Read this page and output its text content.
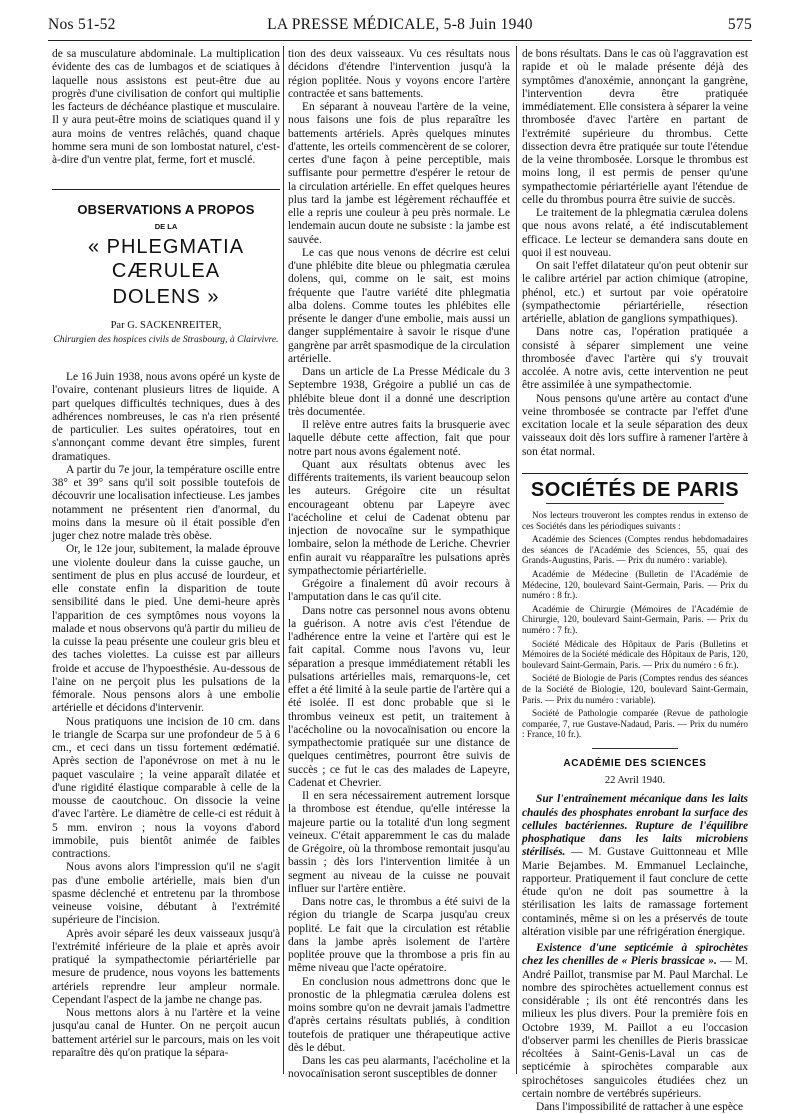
Nos 51-52	LA PRESSE MÉDICALE, 5-8 Juin 1940	575

de sa musculature abdominale. La multiplication évidente des cas de lumbagos et de sciatiques à laquelle nous assistons est peut-être due au progrès d'une civilisation de confort qui multiplie les facteurs de déchéance plastique et musculaire. Il y aura peut-être moins de sciatiques quand il y aura moins de ventres relâchés, quand chaque homme sera muni de son lombostat naturel, c'est-à-dire d'un ventre plat, ferme, fort et musclé.

OBSERVATIONS A PROPOS
DE LA
« PHLEGMATIA CÆRULEA
DOLENS »
Par G. SACKENREITER,
Chirurgien des hospices civils de Strasbourg, à Clairvivre.

Le 16 Juin 1938, nous avons opéré un kyste de l'ovaire, contenant plusieurs litres de liquide. A part quelques difficultés techniques, dues à des adhérences nombreuses, le cas n'a rien présenté de particulier. Les suites opératoires, tout en s'annonçant comme devant être simples, furent dramatiques.

A partir du 7e jour, la température oscille entre 38° et 39° sans qu'il soit possible toutefois de découvrir une localisation infectieuse. Les jambes notamment ne présentent rien d'anormal, du moins dans la mesure où il était possible d'en juger chez notre malade très obèse.

Or, le 12e jour, subitement, la malade éprouve une violente douleur dans la cuisse gauche, un sentiment de plus en plus accusé de lourdeur, et elle constate enfin la disparition de toute sensibilité dans le pied. Une demi-heure après l'apparition de ces symptômes nous voyons la malade et nous observons qu'à partir du milieu de la cuisse la peau présente une couleur gris bleu et des taches violettes. La cuisse est par ailleurs froide et accuse de l'hypoesthésie. Au-dessous de l'aine on ne perçoit plus les pulsations de la fémorale. Nous pensons alors à une embolie artérielle et décidons d'intervenir.

Nous pratiquons une incision de 10 cm. dans le triangle de Scarpa sur une profondeur de 5 à 6 cm., et ceci dans un tissu fortement œdématié. Après section de l'aponévrose on met à nu le paquet vasculaire ; la veine apparaît dilatée et d'une rigidité élastique comparable à celle de la mousse de caoutchouc. On dissocie la veine d'avec l'artère. Le diamètre de celle-ci est réduit à 5 mm. environ ; nous la voyons d'abord immobile, puis bientôt animée de faibles contractions.

Nous avons alors l'impression qu'il ne s'agit pas d'une embolie artérielle, mais bien d'un spasme déclenché et entretenu par la thrombose veineuse voisine, débutant à l'extrémité supérieure de l'incision.

Après avoir séparé les deux vaisseaux jusqu'à l'extrémité inférieure de la plaie et après avoir pratiqué la sympathectomie périartérielle par mesure de prudence, nous voyons les battements artériels reprendre leur ampleur normale. Cependant l'aspect de la jambe ne change pas.

Nous mettons alors à nu l'artère et la veine jusqu'au canal de Hunter. On ne perçoit aucun battement artériel sur le parcours, mais on les voit reparaître dès qu'on pratique la sépara-

tion des deux vaisseaux. Vu ces résultats nous décidons d'étendre l'intervention jusqu'à la région poplitée. Nous y voyons encore l'artère contractée et sans battements.

En séparant à nouveau l'artère de la veine, nous faisons une fois de plus reparaître les battements artériels. Après quelques minutes d'attente, les orteils commencèrent de se colorer, certes d'une façon à peine perceptible, mais suffisante pour permettre d'espérer le retour de la circulation artérielle. En effet quelques heures plus tard la jambe est légèrement réchauffée et elle a repris une couleur à peu près normale. Le lendemain aucun doute ne subsiste : la jambe est sauvée.

Le cas que nous venons de décrire est celui d'une phlébite dite bleue ou phlegmatia cærulea dolens, qui, comme on le sait, est moins fréquente que l'autre variété dite phlegmatia alba dolens. Comme toutes les phlébites elle présente le danger d'une embolie, mais aussi un danger supplémentaire à savoir le risque d'une gangrène par arrêt spasmodique de la circulation artérielle.

Dans un article de La Presse Médicale du 3 Septembre 1938, Grégoire a publié un cas de phlébite bleue dont il a donné une description très documentée.

Il relève entre autres faits la brusquerie avec laquelle débute cette affection, fait que pour notre part nous avons également noté.

Quant aux résultats obtenus avec les différents traitements, ils varient beaucoup selon les auteurs. Grégoire cite un résultat encourageant obtenu par Lapeyre avec l'acécholine et celui de Cadenat obtenu par injection de novocaïne sur le sympathique lombaire, selon la méthode de Leriche. Chevrier enfin aurait vu réapparaître les pulsations après sympathectomie périartérielle.

Grégoire a finalement dû avoir recours à l'amputation dans le cas qu'il cite.

Dans notre cas personnel nous avons obtenu la guérison. A notre avis c'est l'étendue de l'adhérence entre la veine et l'artère qui est le fait capital. Comme nous l'avons vu, leur séparation a presque immédiatement rétabli les pulsations artérielles mais, remarquons-le, cet effet a été limité à la seule partie de l'artère qui a été isolée. Il est donc probable que si le thrombus veineux est petit, un traitement à l'acécholine ou la novocaïnisation ou encore la sympathectomie pratiquée sur une distance de quelques centimètres, pourront être suivis de succès ; ce fut le cas des malades de Lapeyre, Cadenat et Chevrier.

Il en sera nécessairement autrement lorsque la thrombose est étendue, qu'elle intéresse la majeure partie ou la totalité d'un long segment veineux. C'était apparemment le cas du malade de Grégoire, où la thrombose remontait jusqu'au bassin ; dès lors l'intervention limitée à un segment au niveau de la cuisse ne pouvait influer sur l'artère entière.

Dans notre cas, le thrombus a été suivi de la région du triangle de Scarpa jusqu'au creux poplité. Le fait que la circulation est rétablie dans la jambe après isolement de l'artère poplitée prouve que la thrombose a pris fin au même niveau que l'acte opératoire.

En conclusion nous admettrons donc que le pronostic de la phlegmatia cærulea dolens est moins sombre qu'on ne devrait jamais l'admettre d'après certains résultats publiés, à condition toutefois de pratiquer une thérapeutique active dès le début.

Dans les cas peu alarmants, l'acécholine et la novocaïnisation seront susceptibles de donner

de bons résultats. Dans le cas où l'aggravation est rapide et où le malade présente déjà des symptômes d'anoxémie, annonçant la gangrène, l'intervention devra être pratiquée immédiatement. Elle consistera à séparer la veine thrombosée d'avec l'artère en partant de l'extrémité supérieure du thrombus. Cette dissection devra être pratiquée sur toute l'étendue de la veine thrombosée. Lorsque le thrombus est moins long, il est permis de penser qu'une sympathectomie périartérielle ayant l'étendue de celle du thrombus pourra être suivie de succès.

Le traitement de la phlegmatia cærulea dolens que nous avons relaté, a été indiscutablement efficace. Le lecteur se demandera sans doute en quoi il est nouveau.

On sait l'effet dilatateur qu'on peut obtenir sur le calibre artériel par action chimique (atropine, phénol, etc.) et surtout par voie opératoire (sympathectomie périartérielle, résection artérielle, ablation de ganglions sympathiques).

Dans notre cas, l'opération pratiquée a consisté à séparer simplement une veine thrombosée d'avec l'artère qui s'y trouvait accolée. A notre avis, cette intervention ne peut être assimilée à une sympathectomie.

Nous pensons qu'une artère au contact d'une veine thrombosée se contracte par l'effet d'une excitation locale et la seule séparation des deux vaisseaux doit dès lors suffire à ramener l'artère à son état normal.

SOCIÉTÉS DE PARIS

Nos lecteurs trouveront les comptes rendus in extenso de ces Sociétés dans les périodiques suivants :

Académie des Sciences (Comptes rendus hebdomadaires des séances de l'Académie des Sciences, 55, quai des Grands-Augustins, Paris. — Prix du numéro : variable).

Académie de Médecine (Bulletin de l'Académie de Médecine, 120, boulevard Saint-Germain, Paris. — Prix du numéro : 8 fr.).

Académie de Chirurgie (Mémoires de l'Académie de Chirurgie, 120, boulevard Saint-Germain, Paris. — Prix du numéro : 7 fr.).

Société Médicale des Hôpitaux de Paris (Bulletins et Mémoires de la Société médicale des Hôpitaux de Paris, 120, boulevard Saint-Germain, Paris. — Prix du numéro : 6 fr.).

Société de Biologie de Paris (Comptes rendus des séances de la Société de Biologie, 120, boulevard Saint-Germain, Paris. — Prix du numéro : variable).

Société de Pathologie comparée (Revue de pathologie comparée, 7, rue Gustave-Nadaud, Paris. — Prix du numéro : France, 10 fr.).

ACADÉMIE DES SCIENCES
22 Avril 1940.

Sur l'entraînement mécanique dans les laits chaulés des phosphates enrobant la surface des cellules bactériennes. Rupture de l'équilibre phosphatique dans les laits microbiens stérilisés. — M. Gustave Guittonneau et Mlle Marie Bejambes. M. Emmanuel Leclainche, rapporteur. Pratiquement il faut conclure de cette étude qu'on ne doit pas soumettre à la stérilisation les laits de ramassage fortement contaminés, même si on les a préservés de toute altération visible par une réfrigération énergique.

Existence d'une septicémie à spirochètes chez les chenilles de « Pieris brassicae ». — M. André Paillot, transmise par M. Paul Marchal. Le nombre des spirochètes actuellement connus est considérable ; ils ont été rencontrés dans les milieux les plus divers. Pour la première fois en Octobre 1939, M. Paillot a eu l'occasion d'observer parmi les chenilles de Pieris brassicae récoltées à Saint-Genis-Laval un cas de septicémie à spirochètes comparable aux spirochétoses sanguicoles étudiées chez un certain nombre de vertébrés supérieurs.

Dans l'impossibilité de rattacher à une espèce
